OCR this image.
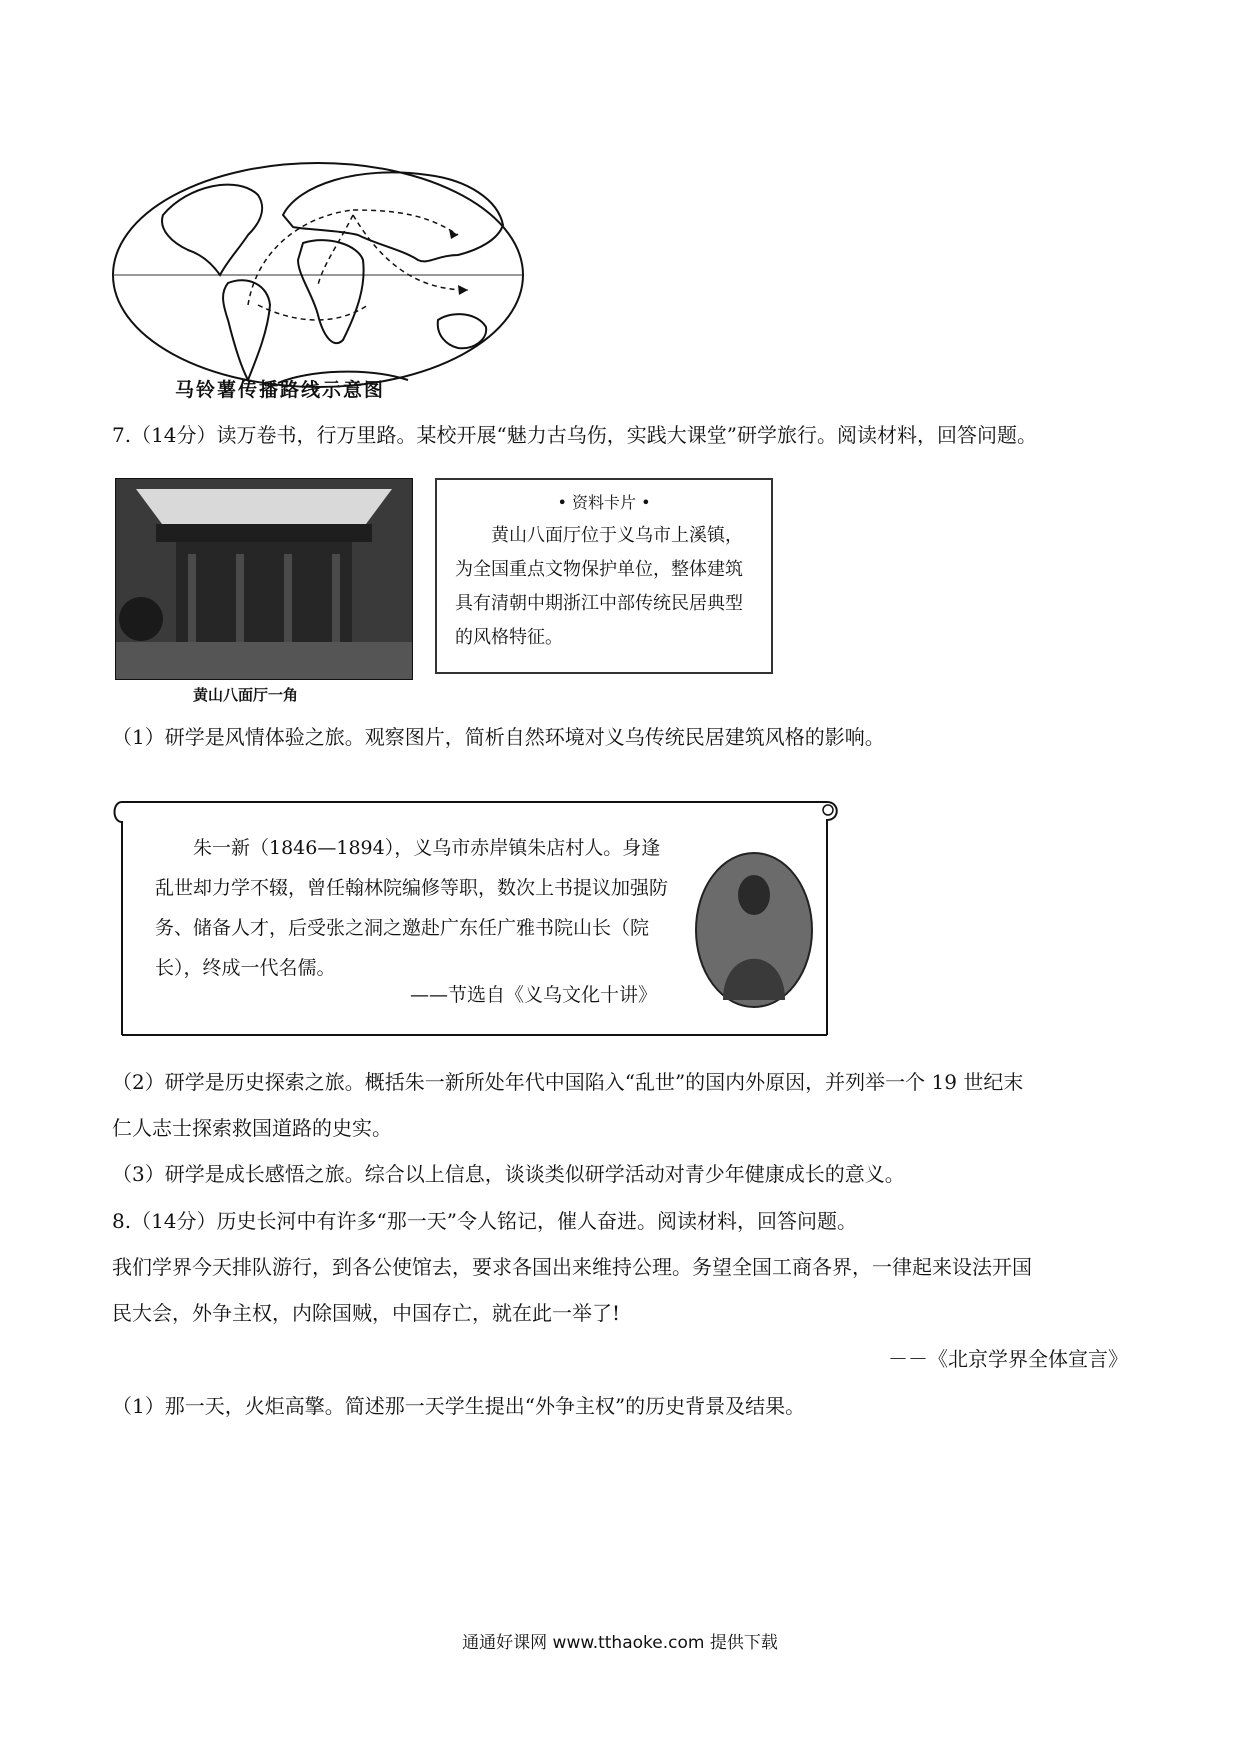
马铃薯传播路线示意图
7.（14分）读万卷书，行万里路。某校开展“魅力古乌伤，实践大课堂”研学旅行。阅读材料，回答问题。
黄山八面厅一角
• 资料卡片 •
黄山八面厅位于义乌市上溪镇，为全国重点文物保护单位，整体建筑具有清朝中期浙江中部传统民居典型的风格特征。
（1）研学是风情体验之旅。观察图片，简析自然环境对义乌传统民居建筑风格的影响。
朱一新（1846—1894），义乌市赤岸镇朱店村人。身逢乱世却力学不辍，曾任翰林院编修等职，数次上书提议加强防务、储备人才，后受张之洞之邀赴广东任广雅书院山长（院长），终成一代名儒。
——节选自《义乌文化十讲》
（2）研学是历史探索之旅。概括朱一新所处年代中国陷入“乱世”的国内外原因，并列举一个 19 世纪末
仁人志士探索救国道路的史实。
（3）研学是成长感悟之旅。综合以上信息，谈谈类似研学活动对青少年健康成长的意义。
8.（14分）历史长河中有许多“那一天”令人铭记，催人奋进。阅读材料，回答问题。
我们学界今天排队游行，到各公使馆去，要求各国出来维持公理。务望全国工商各界，一律起来设法开国
民大会，外争主权，内除国贼，中国存亡，就在此一举了!
－－《北京学界全体宣言》
（1）那一天，火炬高擎。简述那一天学生提出“外争主权”的历史背景及结果。
通通好课网 www.tthaoke.com 提供下载
